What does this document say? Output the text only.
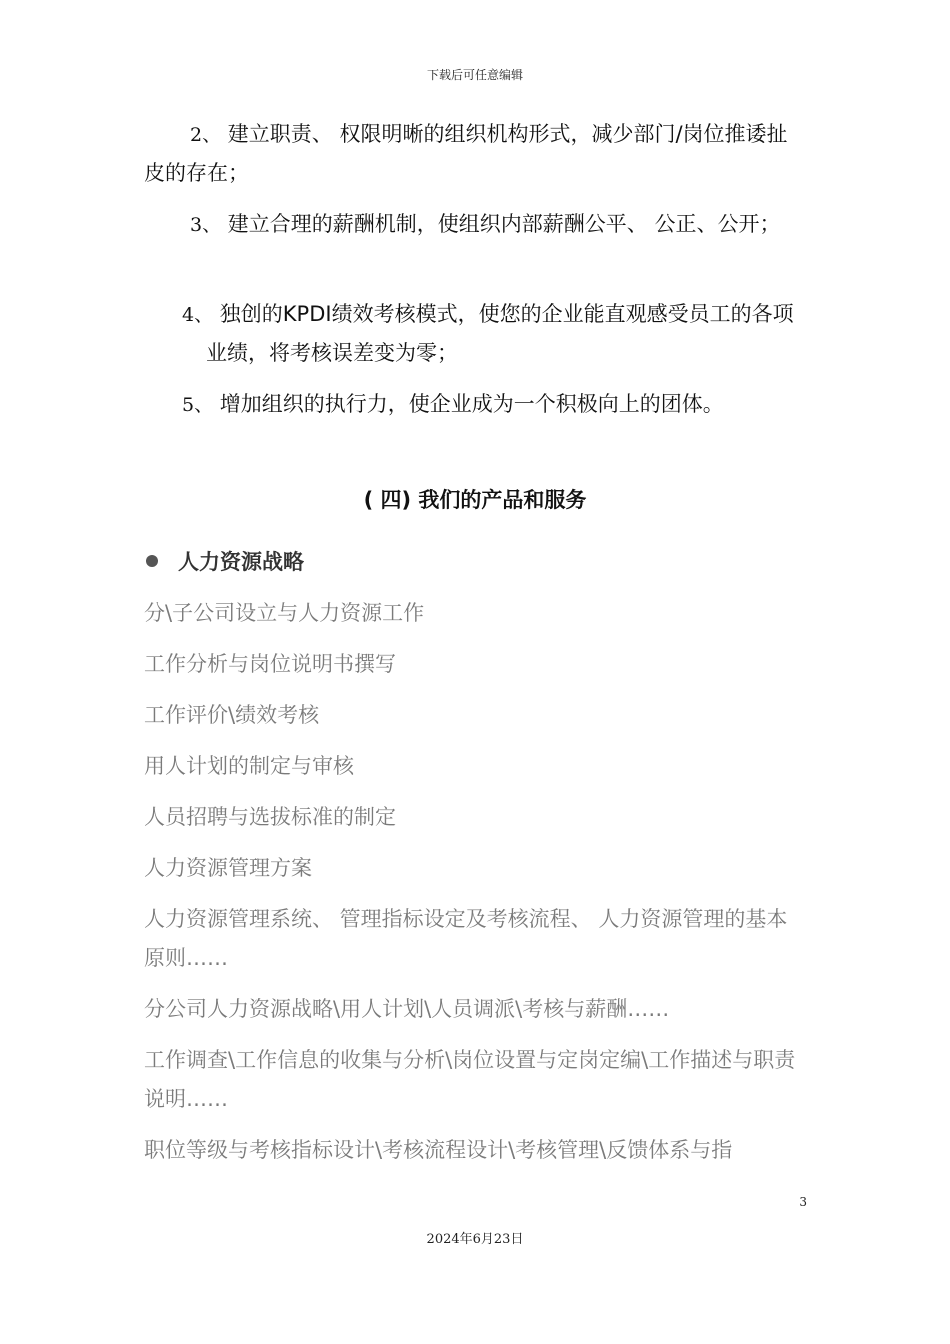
下载后可任意编辑
2、 建立职责、 权限明晰的组织机构形式，减少部门/岗位推诿扯皮的存在；
3、 建立合理的薪酬机制，使组织内部薪酬公平、 公正、公开；
4、 独创的KPDI绩效考核模式，使您的企业能直观感受员工的各项业绩，将考核误差变为零；
5、 增加组织的执行力，使企业成为一个积极向上的团体。
( 四) 我们的产品和服务
人力资源战略
分\子公司设立与人力资源工作
工作分析与岗位说明书撰写
工作评价\绩效考核
用人计划的制定与审核
人员招聘与选拔标准的制定
人力资源管理方案
人力资源管理系统、 管理指标设定及考核流程、 人力资源管理的基本原则……
分公司人力资源战略\用人计划\人员调派\考核与薪酬……
工作调查\工作信息的收集与分析\岗位设置与定岗定编\工作描述与职责说明……
职位等级与考核指标设计\考核流程设计\考核管理\反馈体系与指
3
2024年6月23日
